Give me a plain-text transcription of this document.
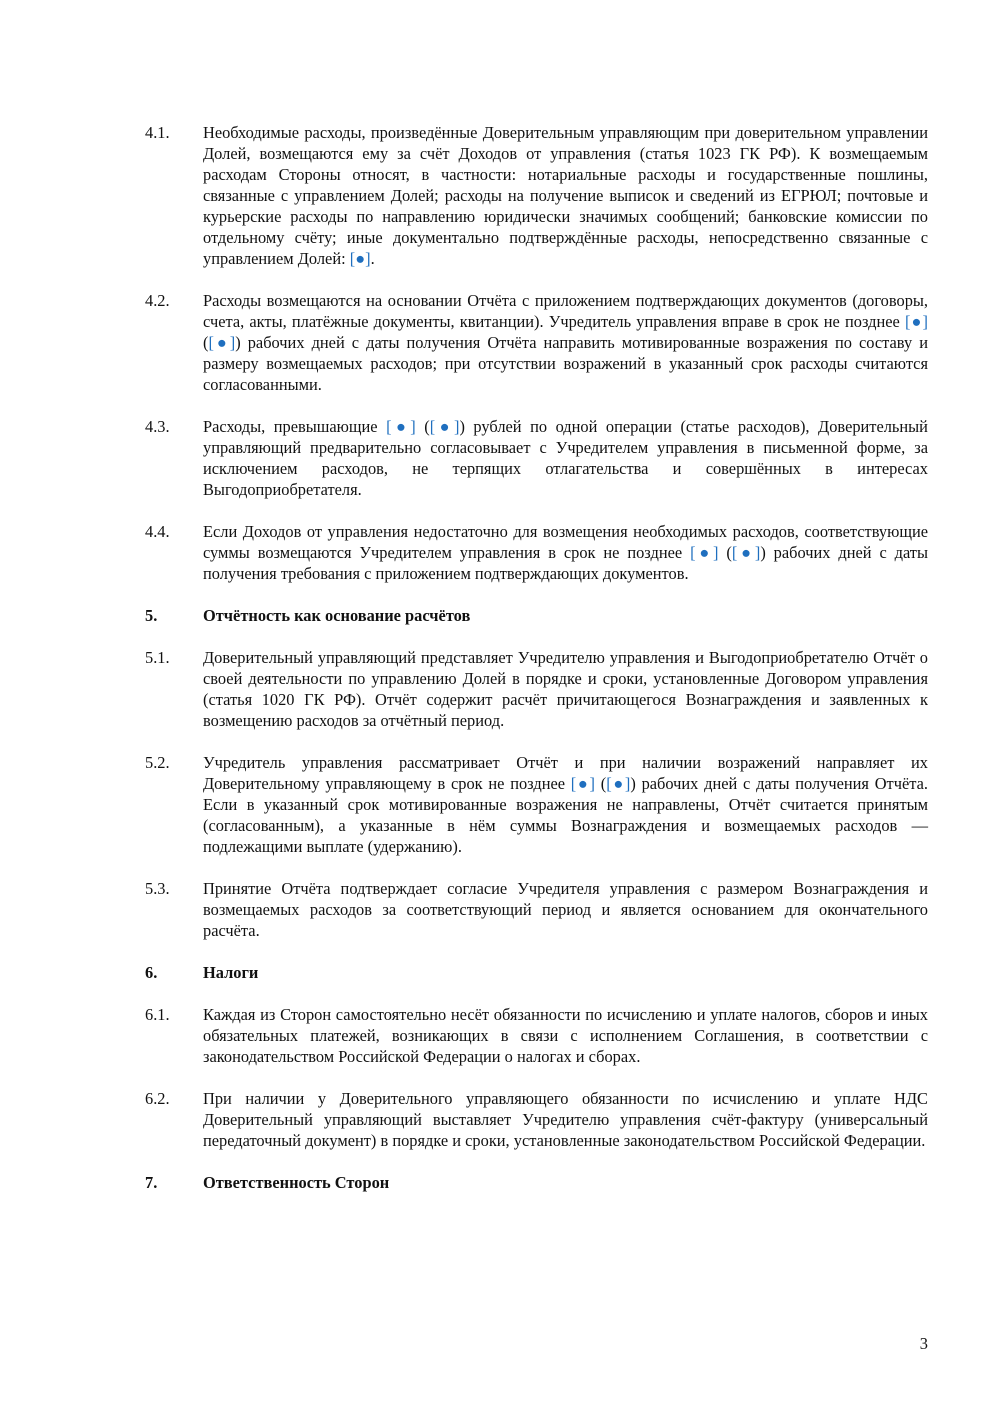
4.1.	Необходимые расходы, произведённые Доверительным управляющим при доверительном управлении Долей, возмещаются ему за счёт Доходов от управления (статья 1023 ГК РФ). К возмещаемым расходам Стороны относят, в частности: нотариальные расходы и государственные пошлины, связанные с управлением Долей; расходы на получение выписок и сведений из ЕГРЮЛ; почтовые и курьерские расходы по направлению юридически значимых сообщений; банковские комиссии по отдельному счёту; иные документально подтверждённые расходы, непосредственно связанные с управлением Долей: [●].
4.2.	Расходы возмещаются на основании Отчёта с приложением подтверждающих документов (договоры, счета, акты, платёжные документы, квитанции). Учредитель управления вправе в срок не позднее [●] ([●]) рабочих дней с даты получения Отчёта направить мотивированные возражения по составу и размеру возмещаемых расходов; при отсутствии возражений в указанный срок расходы считаются согласованными.
4.3.	Расходы, превышающие [●] ([●]) рублей по одной операции (статье расходов), Доверительный управляющий предварительно согласовывает с Учредителем управления в письменной форме, за исключением расходов, не терпящих отлагательства и совершённых в интересах Выгодоприобретателя.
4.4.	Если Доходов от управления недостаточно для возмещения необходимых расходов, соответствующие суммы возмещаются Учредителем управления в срок не позднее [●] ([●]) рабочих дней с даты получения требования с приложением подтверждающих документов.
5.	Отчётность как основание расчётов
5.1.	Доверительный управляющий представляет Учредителю управления и Выгодоприобретателю Отчёт о своей деятельности по управлению Долей в порядке и сроки, установленные Договором управления (статья 1020 ГК РФ). Отчёт содержит расчёт причитающегося Вознаграждения и заявленных к возмещению расходов за отчётный период.
5.2.	Учредитель управления рассматривает Отчёт и при наличии возражений направляет их Доверительному управляющему в срок не позднее [●] ([●]) рабочих дней с даты получения Отчёта. Если в указанный срок мотивированные возражения не направлены, Отчёт считается принятым (согласованным), а указанные в нём суммы Вознаграждения и возмещаемых расходов — подлежащими выплате (удержанию).
5.3.	Принятие Отчёта подтверждает согласие Учредителя управления с размером Вознаграждения и возмещаемых расходов за соответствующий период и является основанием для окончательного расчёта.
6.	Налоги
6.1.	Каждая из Сторон самостоятельно несёт обязанности по исчислению и уплате налогов, сборов и иных обязательных платежей, возникающих в связи с исполнением Соглашения, в соответствии с законодательством Российской Федерации о налогах и сборах.
6.2.	При наличии у Доверительного управляющего обязанности по исчислению и уплате НДС Доверительный управляющий выставляет Учредителю управления счёт-фактуру (универсальный передаточный документ) в порядке и сроки, установленные законодательством Российской Федерации.
7.	Ответственность Сторон
3
